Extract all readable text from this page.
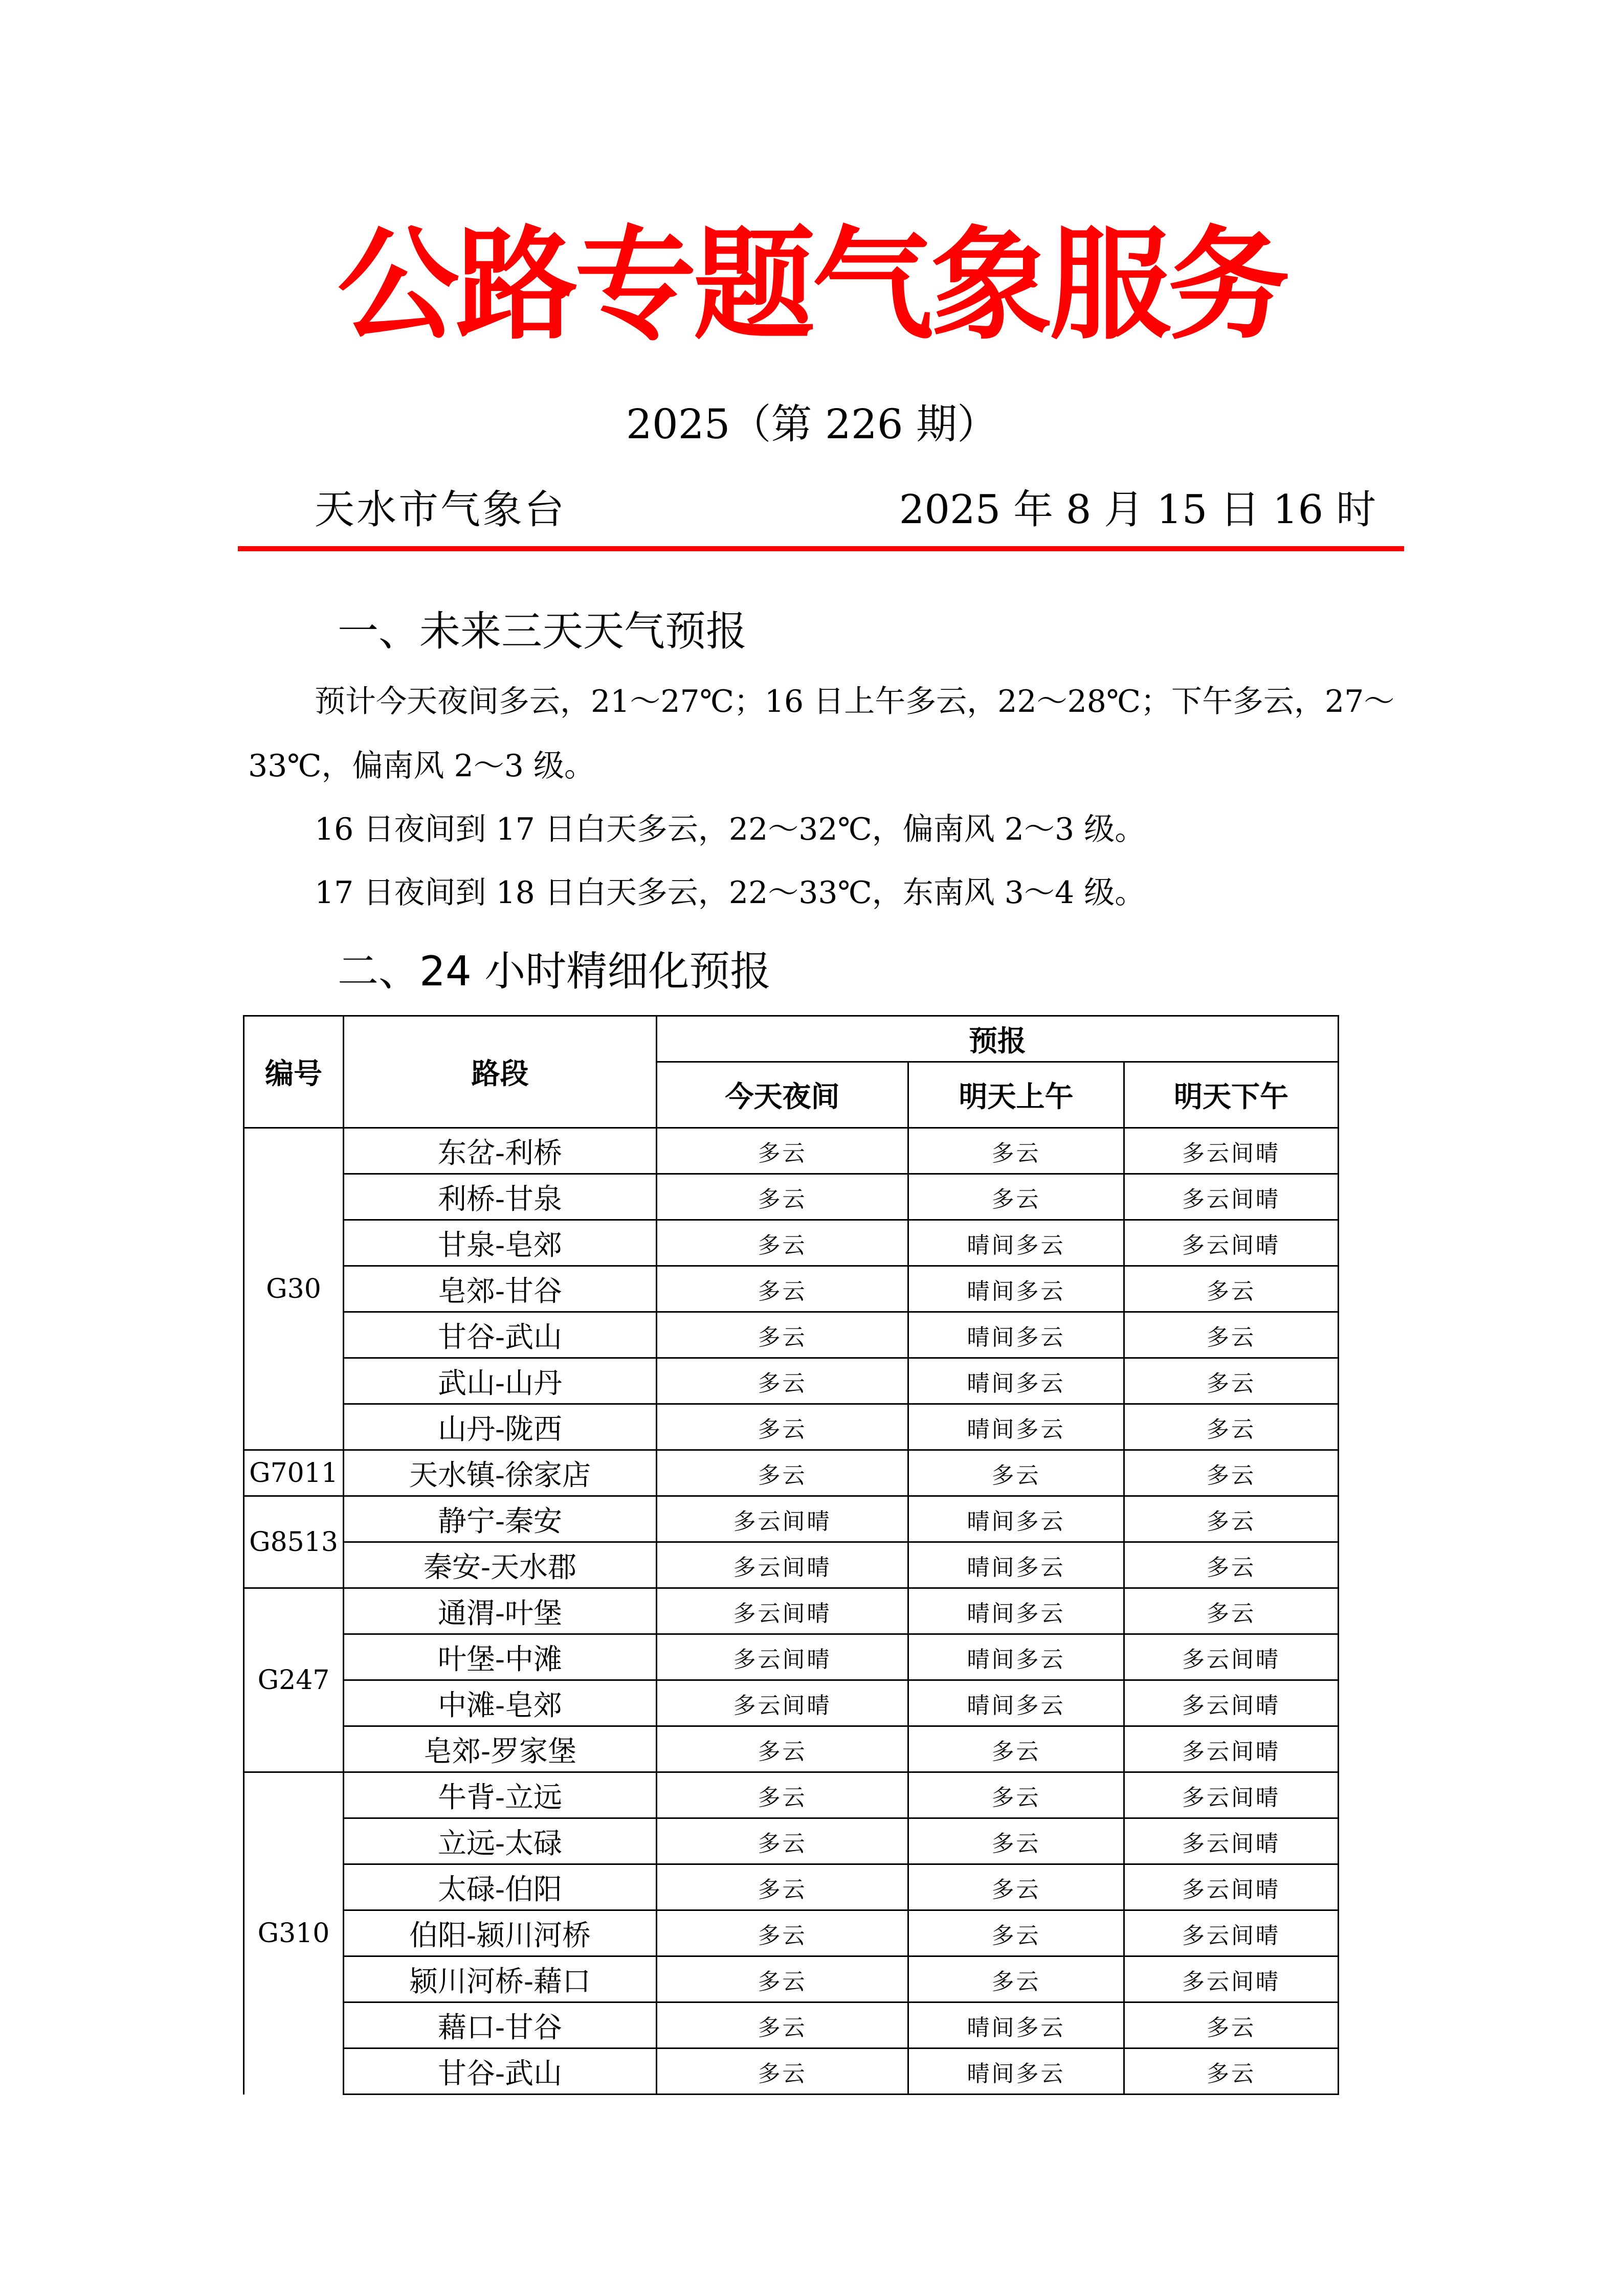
公路专题气象服务
2025（第 226 期）
天水市气象台	2025 年 8 月 15 日 16 时
一、未来三天天气预报
预计今天夜间多云，21～27℃；16 日上午多云，22～28℃；下午多云，27～
33℃，偏南风 2～3 级。
16 日夜间到 17 日白天多云，22～32℃，偏南风 2～3 级。
17 日夜间到 18 日白天多云，22～33℃，东南风 3～4 级。
二、24 小时精细化预报
编号	路段	预报		
		今天夜间	明天上午	明天下午
G30	东岔-利桥	多云	多云	多云间晴
	利桥-甘泉	多云	多云	多云间晴
	甘泉-皂郊	多云	晴间多云	多云间晴
	皂郊-甘谷	多云	晴间多云	多云
	甘谷-武山	多云	晴间多云	多云
	武山-山丹	多云	晴间多云	多云
	山丹-陇西	多云	晴间多云	多云
G7011	天水镇-徐家店	多云	多云	多云
G8513	静宁-秦安	多云间晴	晴间多云	多云
	秦安-天水郡	多云间晴	晴间多云	多云
G247	通渭-叶堡	多云间晴	晴间多云	多云
	叶堡-中滩	多云间晴	晴间多云	多云间晴
	中滩-皂郊	多云间晴	晴间多云	多云间晴
	皂郊-罗家堡	多云	多云	多云间晴
G310	牛背-立远	多云	多云	多云间晴
	立远-太碌	多云	多云	多云间晴
	太碌-伯阳	多云	多云	多云间晴
	伯阳-颍川河桥	多云	多云	多云间晴
	颍川河桥-藉口	多云	多云	多云间晴
	藉口-甘谷	多云	晴间多云	多云
	甘谷-武山	多云	晴间多云	多云
